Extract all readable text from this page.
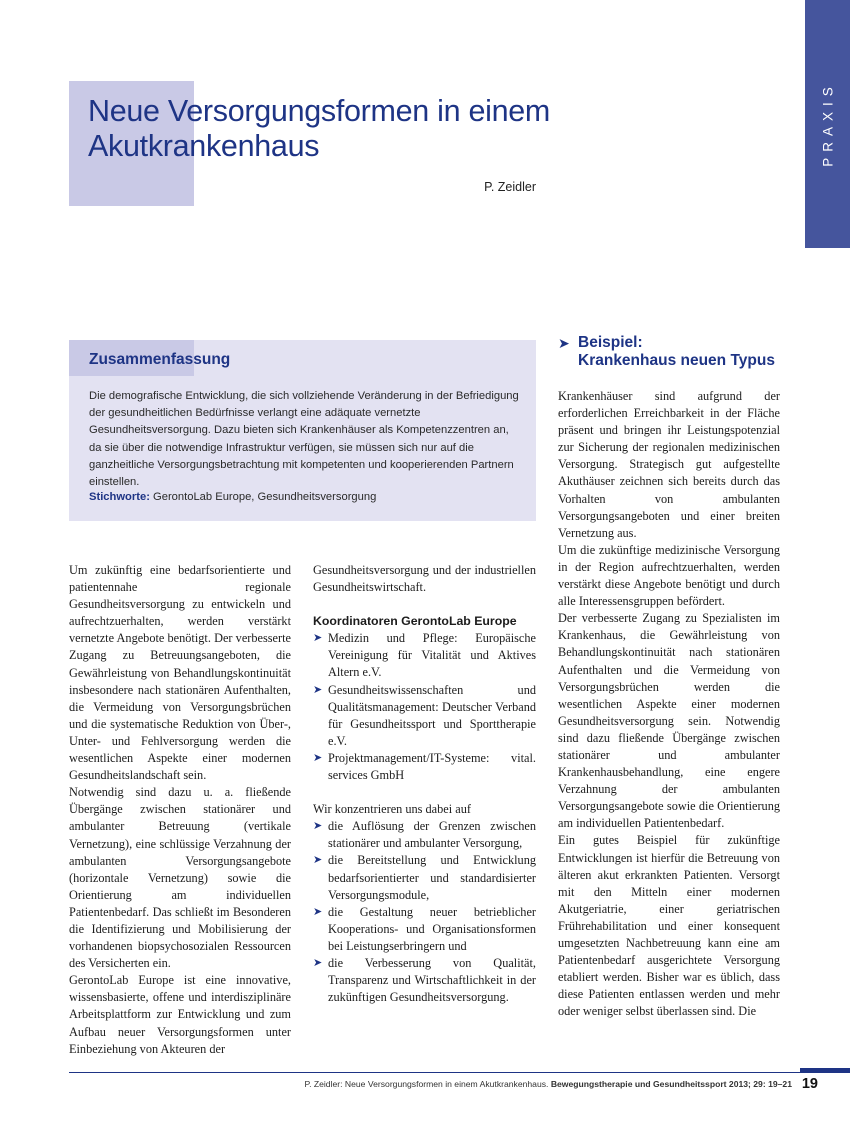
PRAXIS
Neue Versorgungsformen in einem Akutkrankenhaus
P. Zeidler
Zusammenfassung

Die demografische Entwicklung, die sich vollziehende Veränderung in der Befriedigung der gesundheitlichen Bedürfnisse verlangt eine adäquate vernetzte Gesundheitsversorgung. Dazu bieten sich Krankenhäuser als Kompetenzzentren an, da sie über die notwendige Infrastruktur verfügen, sie müssen sich nur auf die ganzheitliche Versorgungsbetrachtung mit kompetenten und kooperierenden Partnern einstellen.

Stichworte: GerontoLab Europe, Gesundheitsversorgung

Um zukünftig eine bedarfsorientierte und patientennahe regionale Gesundheitsversorgung zu entwickeln und aufrechtzuerhalten, werden verstärkt vernetzte Angebote benötigt. Der verbesserte Zugang zu Betreuungsangeboten, die Gewährleistung von Behandlungskontinuität insbesondere nach stationären Aufenthalten, die Vermeidung von Versorgungsbrüchen und die systematische Reduktion von Über-, Unter- und Fehlversorgung werden die wesentlichen Aspekte einer modernen Gesundheitslandschaft sein.

Notwendig sind dazu u. a. fließende Übergänge zwischen stationärer und ambulanter Betreuung (vertikale Vernetzung), eine schlüssige Verzahnung der ambulanten Versorgungsangebote (horizontale Vernetzung) sowie die Orientierung am individuellen Patientenbedarf. Das schließt im Besonderen die Identifizierung und Mobilisierung der vorhandenen biopsychosozialen Ressourcen des Versicherten ein.

GerontoLab Europe ist eine innovative, wissensbasierte, offene und interdisziplinäre Arbeitsplattform zur Entwicklung und zum Aufbau neuer Versorgungsformen unter Einbeziehung von Akteuren der

Gesundheitsversorgung und der industriellen Gesundheitswirtschaft.

Koordinatoren GerontoLab Europe

➤ Medizin und Pflege: Europäische Vereinigung für Vitalität und Aktives Altern e.V.
➤ Gesundheitswissenschaften und Qualitätsmanagement: Deutscher Verband für Gesundheitssport und Sporttherapie e.V.
➤ Projektmanagement/IT-Systeme: vital. services GmbH

Wir konzentrieren uns dabei auf

➤ die Auflösung der Grenzen zwischen stationärer und ambulanter Versorgung,
➤ die Bereitstellung und Entwicklung bedarfsorientierter und standardisierter Versorgungsmodule,
➤ die Gestaltung neuer betrieblicher Kooperations- und Organisationsformen bei Leistungserbringern und
➤ die Verbesserung von Qualität, Transparenz und Wirtschaftlichkeit in der zukünftigen Gesundheitsversorgung.
➤ Beispiel:
Krankenhaus neuen Typus

Krankenhäuser sind aufgrund der erforderlichen Erreichbarkeit in der Fläche präsent und bringen ihr Leistungspotenzial zur Sicherung der regionalen medizinischen Versorgung. Strategisch gut aufgestellte Akuthäuser zeichnen sich bereits durch das Vorhalten von ambulanten Versorgungsangeboten und einer breiten Vernetzung aus.

Um die zukünftige medizinische Versorgung in der Region aufrechtzuerhalten, werden verstärkt diese Angebote benötigt und durch alle Interessensgruppen befördert.

Der verbesserte Zugang zu Spezialisten im Krankenhaus, die Gewährleistung von Behandlungskontinuität nach stationären Aufenthalten und die Vermeidung von Versorgungsbrüchen werden die wesentlichen Aspekte einer modernen Gesundheitsversorgung sein. Notwendig sind dazu fließende Übergänge zwischen stationärer und ambulanter Krankenhausbehandlung, eine engere Verzahnung der ambulanten Versorgungsangebote sowie die Orientierung am individuellen Patientenbedarf.

Ein gutes Beispiel für zukünftige Entwicklungen ist hierfür die Betreuung von älteren akut erkrankten Patienten. Versorgt mit den Mitteln einer modernen Akutgeriatrie, einer geriatrischen Frührehabilitation und einer konsequent umgesetzten Nachbetreuung kann eine am Patientenbedarf ausgerichtete Versorgung etabliert werden. Bisher war es üblich, dass diese Patienten entlassen werden und mehr oder weniger selbst überlassen sind. Die

P. Zeidler: Neue Versorgungsformen in einem Akutkrankenhaus. Bewegungstherapie und Gesundheitssport 2013; 29: 19–21 19
